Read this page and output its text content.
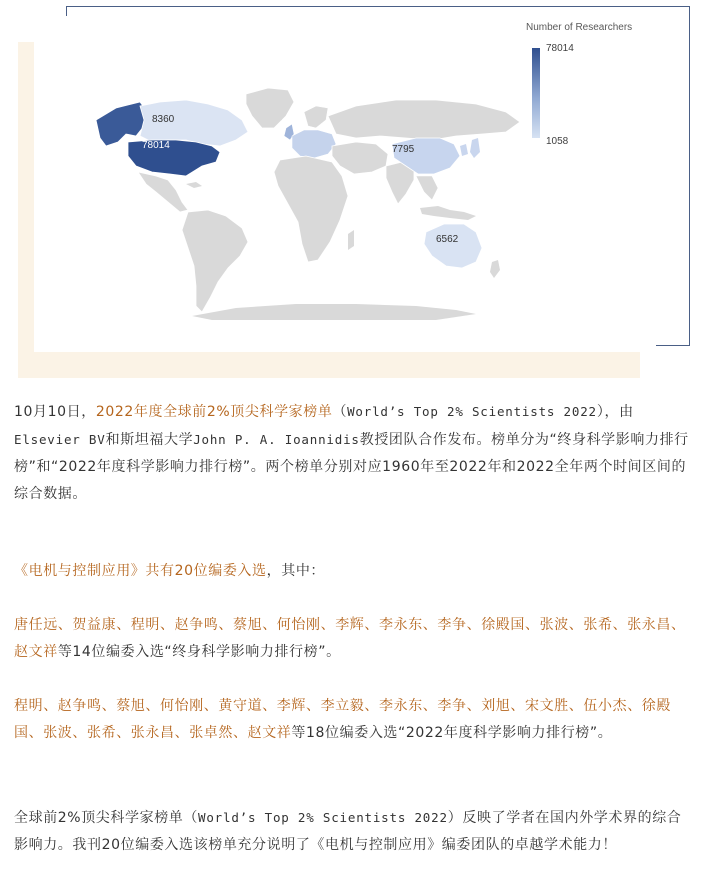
Number of Researchers
78014
1058
8360
78014	7795
6562
10月10日，2022年度全球前2%顶尖科学家榜单（World’s Top 2% Scientists 2022），由Elsevier BV和斯坦福大学John P. A. Ioannidis教授团队合作发布。榜单分为“终身科学影响力排行榜”和“2022年度科学影响力排行榜”。两个榜单分别对应1960年至2022年和2022全年两个时间区间的综合数据。
《电机与控制应用》共有20位编委入选，其中：
唐任远、贺益康、程明、赵争鸣、蔡旭、何怡刚、李辉、李永东、李争、徐殿国、张波、张希、张永昌、赵文祥等14位编委入选“终身科学影响力排行榜”。
程明、赵争鸣、蔡旭、何怡刚、黄守道、李辉、李立毅、李永东、李争、刘旭、宋文胜、伍小杰、徐殿国、张波、张希、张永昌、张卓然、赵文祥等18位编委入选“2022年度科学影响力排行榜”。
全球前2%顶尖科学家榜单（World’s Top 2% Scientists 2022）反映了学者在国内外学术界的综合影响力。我刊20位编委入选该榜单充分说明了《电机与控制应用》编委团队的卓越学术能力！
